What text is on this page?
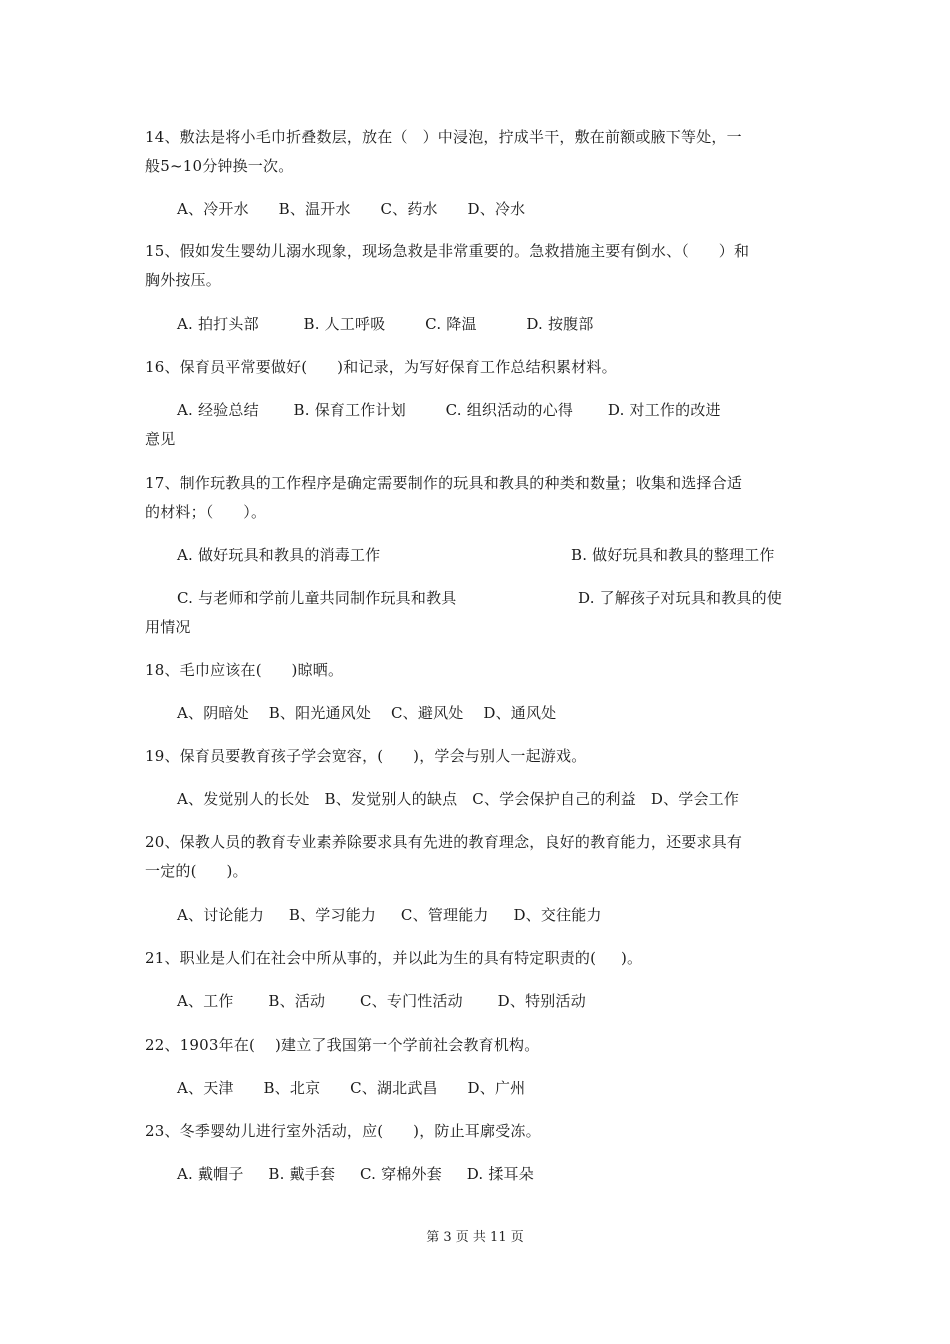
14、敷法是将小毛巾折叠数层，放在（   ）中浸泡，拧成半干，敷在前额或腋下等处，一
般5~10分钟换一次。
A、冷开水      B、温开水      C、药水      D、冷水
15、假如发生婴幼儿溺水现象，现场急救是非常重要的。急救措施主要有倒水、（      ）和
胸外按压。
A. 拍打头部         B. 人工呼吸        C. 降温          D. 按腹部
16、保育员平常要做好(      )和记录，为写好保育工作总结积累材料。
A. 经验总结       B. 保育工作计划        C. 组织活动的心得       D. 对工作的改进
意见
17、制作玩教具的工作程序是确定需要制作的玩具和教具的种类和数量；收集和选择合适
的材料；（      ）。
A. 做好玩具和教具的消毒工作	B. 做好玩具和教具的整理工作
C. 与老师和学前儿童共同制作玩具和教具	D. 了解孩子对玩具和教具的使
用情况
18、毛巾应该在(      )晾晒。
A、阴暗处    B、阳光通风处    C、避风处    D、通风处
19、保育员要教育孩子学会宽容，(      )，学会与别人一起游戏。
A、发觉别人的长处   B、发觉别人的缺点   C、学会保护自己的利益   D、学会工作
20、保教人员的教育专业素养除要求具有先进的教育理念，良好的教育能力，还要求具有
一定的(      )。
A、讨论能力     B、学习能力     C、管理能力     D、交往能力
21、职业是人们在社会中所从事的，并以此为生的具有特定职责的(     )。
A、工作       B、活动       C、专门性活动       D、特别活动
22、1903年在(    )建立了我国第一个学前社会教育机构。
A、天津      B、北京      C、湖北武昌      D、广州
23、冬季婴幼儿进行室外活动，应(      )，防止耳廓受冻。
A. 戴帽子     B. 戴手套     C. 穿棉外套     D. 揉耳朵
第 3 页 共 11 页
